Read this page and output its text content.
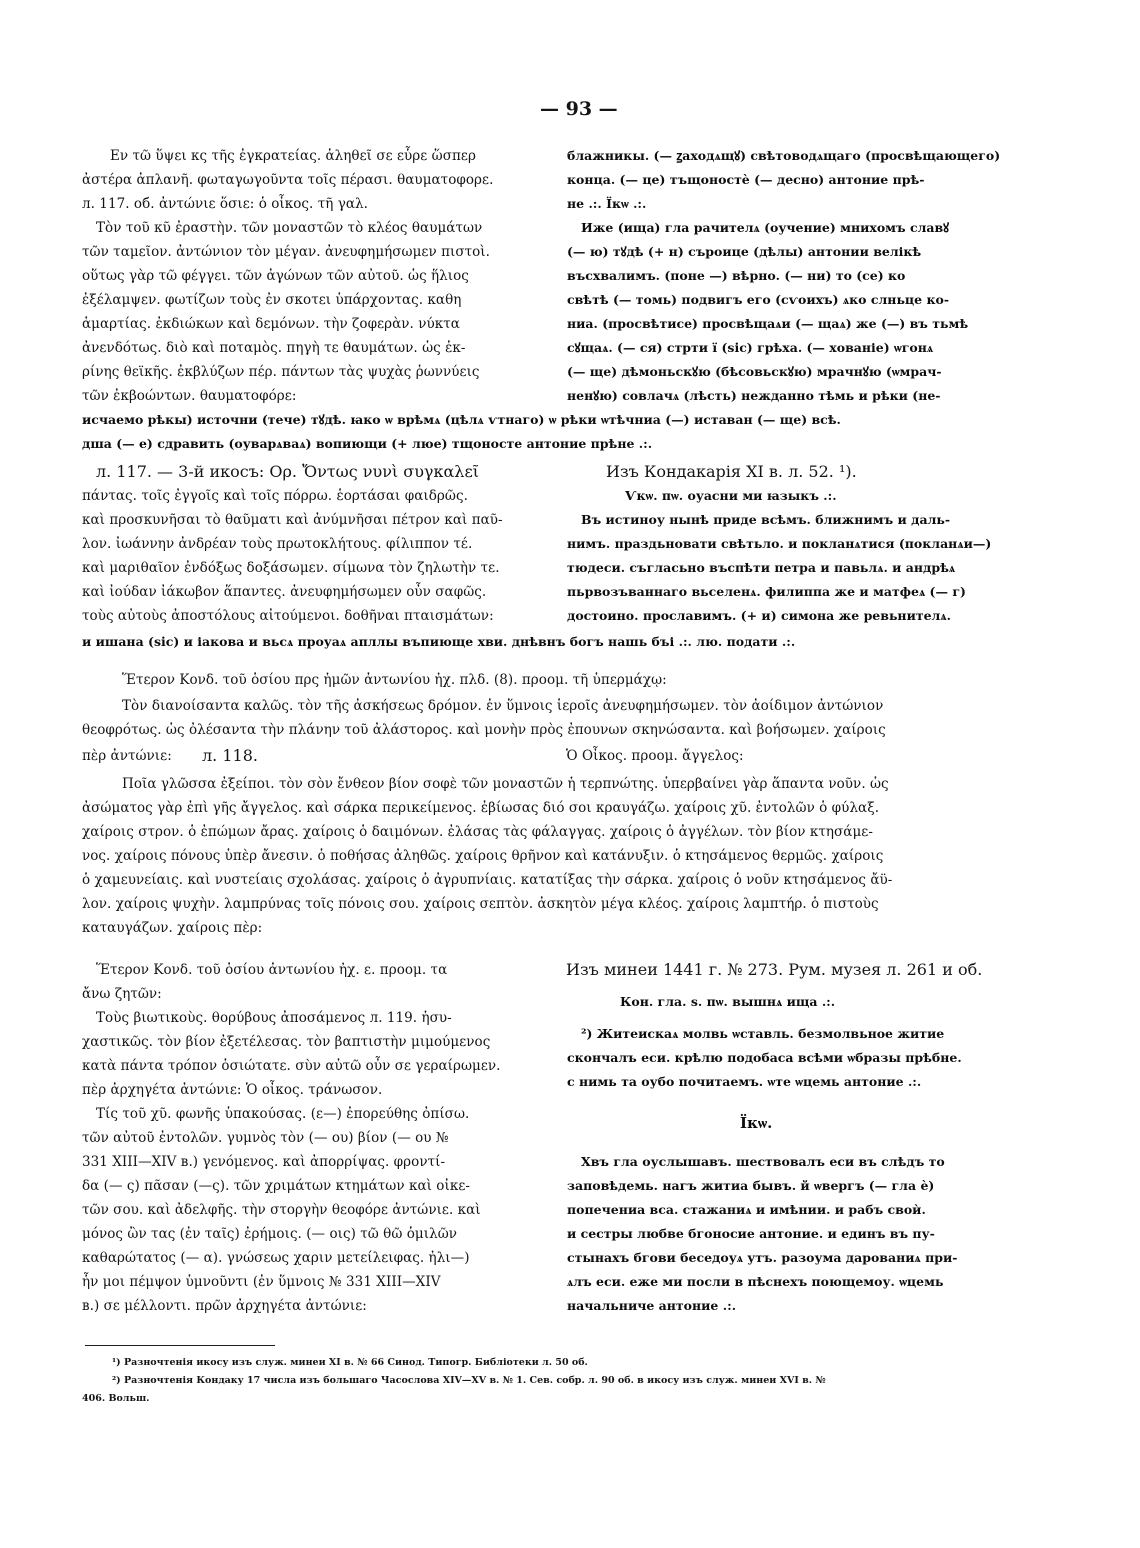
— 93 —
Εν τῶ ὕψει κς τῆς ἐγκρατείας. ἀληθεῖ σε εὗρε ὥσπερ
ἀστέρα ἀπλανῆ. φωταγωγοῦντα τοῖς πέρασι. θαυματοφορε.
л. 117. об. ἀντώνιε ὅσιε: ὁ οἶκος. τῆ γαλ.
Τὸν τοῦ κῦ ἐραστὴν. τῶν μοναστῶν τὸ κλέος θαυμάτων
τῶν ταμεῖον. ἀντώνιον τὸν μέγαν. ἀνευφημήσωμεν πιστοὶ.
οὕτως γὰρ τῶ φέγγει. τῶν ἀγώνων τῶν αὐτοῦ. ὡς ἥλιος
ἐξέλαμψεν. φωτίζων τοὺς ἐν σκοτει ὑπάρχοντας. καθη
ἁμαρτίας. ἐκδιώκων καὶ δεμόνων. τὴν ζοφερὰν. νύκτα
ἀνενδότως. διὸ καὶ ποταμὸς. πηγὴ τε θαυμάτων. ὡς ἐκ-
ρίνης θεϊκῆς. ἐκβλύζων πέρ. πάντων τὰς ψυχὰς ῥωννύεις
τῶν ἐκβοώντων. θαυματοφόρε:
блажникы. (— ꙁаходѧщꙋ) свѣтоводѧщаго (просвѣщающего)
конца. (— це) тъщоностѐ (— десно) антоние прѣ-
не .:. Їкѡ .:.
Иже (ища) гла рачителѧ (оучение) мнихомъ славꙋ
(— ю) тꙋдѣ (+ н) съроице (дѣлы) антонии велікѣ
въсхвалимъ. (поне —) вѣрно. (— ни) то (се) ко
свѣтѣ (— томь) подвигъ его (сѵоихъ) ѧко слньце ко-
ниа. (просвѣтисе) просвѣщаѧи (— щаѧ) же (—) въ тьмѣ
сꙋщаѧ. (— ся) стрти ї (sic) грѣха. (— хованіе) ѡгонѧ
(— ще) дѣмоньскꙋю (бѣсовьскꙋю) мрачнꙋю (ѡмрач-
ненꙋю) совлачѧ (лѣсть) нежданно тѣмь и рѣки (не-
исчаемо рѣкы) источни (тече) тꙋдѣ. ꙗко ѡ врѣмѧ (цѣлѧ ѵтнаго) ѡ рѣки ѡтѣчниа (—) иставан (— ще) всѣ.
дша (— е) сдравить (оуварѧваѧ) вопиющи (+ люе) тщоносте антоние прѣне .:.
л. 117. — 3-й икосъ: Ορ. Ὄντως νυνὶ συγκαλεῖ
πάντας. τοῖς ἐγγοῖς καὶ τοῖς πόρρω. ἑορτάσαι φαιδρῶς.
καὶ προσκυνῆσαι τὸ θαῦματι καὶ ἀνύμνῆσαι πέτρον καὶ παῦ-
λον. ἰωάννην ἀνδρέαν τοὺς πρωτοκλήτους. φίλιππον τέ.
καὶ μαριθαῖον ἐνδόξως δοξάσωμεν. σίμωνα τὸν ζηλωτὴν τε.
καὶ ἰούδαν ἰάκωβον ἅπαντες. ἀνευφημήσωμεν οὖν σαφῶς.
τοὺς αὐτοὺς ἀποστόλους αἰτούμενοι. δοθῆναι πταισμάτων:
Изъ Кондакарія XI в. л. 52. ¹).
Ѵкѡ. пѡ. оуасни ми ꙗзыкъ .:.
Въ истиноу нынѣ приде всѣмъ. ближнимъ и даль-
нимъ. праздьновати свѣтьло. и покланѧтися (покланѧи—)
тюдеси. съгласьно въспѣти петра и павьлѧ. и андрѣѧ
пьрвозъваннаго вьселенѧ. филиппа же и матфеѧ (— г)
достоино. прославимъ. (+ и) симона же ревьнителѧ.
и ишана (sic) и іакова и вьсѧ проуаѧ апллы въпиюще хви. днѣвнъ богъ нашь бъі .:. лю. подати .:.
Ἕτερον Κονδ. τοῦ ὁσίου πρς ἡμῶν ἀντωνίου ἠχ. πλδ. (8). προομ. τῆ ὑπερμάχῳ:
Τὸν διανοίσαντα καλῶς. τὸν τῆς ἀσκήσεως δρόμον. ἐν ὕμνοις ἱεροῖς ἀνευφημήσωμεν. τὸν ἀοίδιμον ἀντώνιον
θεοφρότως. ὡς ὀλέσαντα τὴν πλάνην τοῦ ἀλάστορος. καὶ μονὴν πρὸς ἐπουνων σκηνώσαντα. καὶ βοήσωμεν. χαίροις
πὲρ ἀντώνιε: л. 118.	Ὁ Οἶκος. προομ. ἄγγελος:
Ποῖα γλῶσσα ἐξείποι. τὸν σὸν ἔνθεον βίον σοφὲ τῶν μοναστῶν ἡ τερπνώτης. ὑπερβαίνει γὰρ ἅπαντα νοῦν. ὡς
ἀσώματος γὰρ ἐπὶ γῆς ἄγγελος. καὶ σάρκα περικείμενος. ἐβίωσας διό σοι κραυγάζω. χαίροις χῦ. ἐντολῶν ὁ φύλαξ.
χαίροις στρον. ὁ ἐπώμων ἄρας. χαίροις ὁ δαιμόνων. ἐλάσας τὰς φάλαγγας. χαίροις ὁ ἀγγέλων. τὸν βίον κτησάμε-
νος. χαίροις πόνους ὑπὲρ ἄνεσιν. ὁ ποθήσας ἀληθῶς. χαίροις θρῆνον καὶ κατάνυξιν. ὁ κτησάμενος θερμῶς. χαίροις
ὁ χαμευνείαις. καὶ νυστείαις σχολάσας. χαίροις ὁ ἀγρυπνίαις. κατατίξας τὴν σάρκα. χαίροις ὁ νοῦν κτησάμενος ἄϋ-
λον. χαίροις ψυχὴν. λαμπρύνας τοῖς πόνοις σου. χαίροις σεπτὸν. ἀσκητὸν μέγα κλέος. χαίροις λαμπτήρ. ὁ πιστοὺς
καταυγάζων. χαίροις πὲρ:
Ἕτερον Κονδ. τοῦ ὁσίου ἀντωνίου ἠχ. ε. προομ. τα
ἄνω ζητῶν:
Τοὺς βιωτικοὺς. θορύβους ἀποσάμενος л. 119. ἡσυ-
χαστικῶς. τὸν βίον ἐξετέλεσας. τὸν βαπτιστὴν μιμούμενος
κατὰ πάντα τρόπον ὁσιώτατε. σὺν αὐτῶ οὖν σε γεραίρωμεν.
πὲρ ἀρχηγέτα ἀντώνιε: Ὁ οἶκος. τράνωσον.
Τίς τοῦ χῦ. φωνῆς ὑπακούσας. (ε—) ἐπορεύθης ὀπίσω.
τῶν αὐτοῦ ἐντολῶν. γυμνὸς τὸν (— ου) βίον (— ου №
331 XIII—XIV в.) γενόμενος. καὶ ἀπορρίψας. φροντί-
δα (— ς) πᾶσαν (—ς). τῶν χριμάτων κτημάτων καὶ οἰκε-
τῶν σου. καὶ ἀδελφῆς. τὴν στοργὴν θεοφόρε ἀντώνιε. καὶ
μόνος ὢν τας (ἐν ταῖς) ἐρήμοις. (— οις) τῶ θῶ ὁμιλῶν
καθαρώτατος (— α). γνώσεως χαριν μετείλειφας. ἠλι—)
ἧν μοι πέμψον ὑμνοῦντι (ἐν ὕμνοις № 331 XIII—XIV
в.) σε μέλλοντι. πρῶν ἀρχηγέτα ἀντώνιε:
Изъ минеи 1441 г. № 273. Рум. музея л. 261 и об.
Кон. гла. ѕ. пѡ. вышнѧ ища .:.
²) Житеискаѧ молвь ѡставль. безмолвьное житие
скончалъ еси. крѣлю подобаса всѣми ѡбразы прѣбне.
с нимь та оубо почитаемъ. ѡте ѡцемь антоние .:.
Їкѡ.
Хвъ гла оуслышавъ. шествовалъ еси въ слѣдъ то
заповѣдемь. нагъ житиа бывъ. й ѡвергъ (— гла ѐ)
попечениа вса. стажаниѧ и имѣнии. и рабъ своѝ.
и сестры любве бгоносие антоние. и единъ въ пу-
стынахъ бгови беседоуѧ утъ. разоума дарованиѧ при-
ѧлъ еси. еже ми посли в пѣснехъ поющемоу. ѡцемь
начальниче антоние .:.
¹) Разночтенія икосу изъ служ. минеи XI в. № 66 Синод. Типогр. Библіотеки л. 50 об.
²) Разночтенія Кондаку 17 числа изъ большаго Часослова XIV—XV в. № 1. Сев. собр. л. 90 об. в икосу изъ служ. минеи XVI в. №
406. Вольш.
